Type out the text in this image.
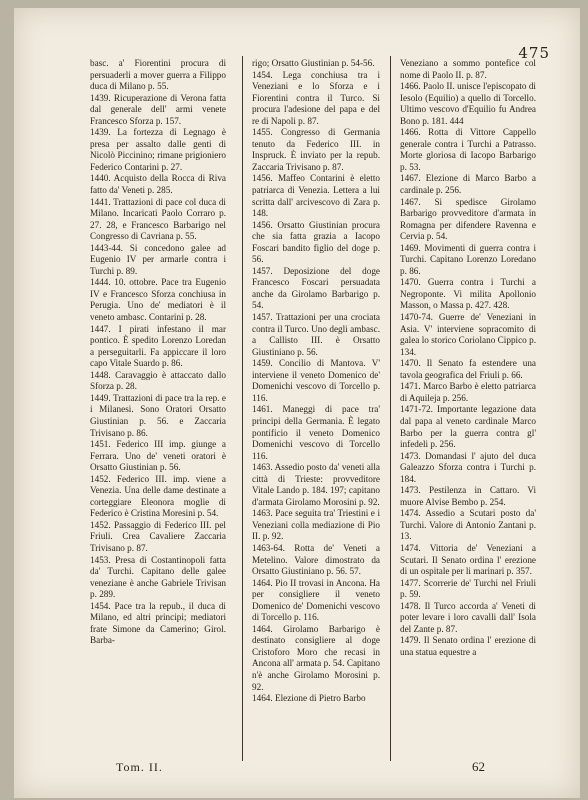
475

basc. a' Fiorentini procura di persuaderli a mover guerra a Filippo duca di Milano p. 55.

1439. Ricuperazione di Verona fatta dal generale dell' armi venete Francesco Sforza p. 157.

1439. La fortezza di Legnago è presa per assalto dalle genti di Nicolò Piccinino; rimane prigioniero Federico Contarini p. 27.

1440. Acquisto della Rocca di Riva fatto da' Veneti p. 285.

1441. Trattazioni di pace col duca di Milano. Incaricati Paolo Corraro p. 27. 28, e Francesco Barbarigo nel Congresso di Cavriana p. 55.

1443-44. Si concedono galee ad Eugenio IV per armarle contra i Turchi p. 89.

1444. 10. ottobre. Pace tra Eugenio IV e Francesco Sforza conchiusa in Perugia. Uno de' mediatori è il veneto ambasc. Contarini p. 28.

1447. I pirati infestano il mar pontico. È spedito Lorenzo Loredan a perseguitarli. Fa appiccare il loro capo Vitale Suardo p. 86.

1448. Caravaggio è attaccato dallo Sforza p. 28.

1449. Trattazioni di pace tra la rep. e i Milanesi. Sono Oratori Orsatto Giustinian p. 56. e Zaccaria Trivisano p. 86.

1451. Federico III imp. giunge a Ferrara. Uno de' veneti oratori è Orsatto Giustinian p. 56.

1452. Federico III. imp. viene a Venezia. Una delle dame destinate a corteggiare Eleonora moglie di Federico è Cristina Moresini p. 54.

1452. Passaggio di Federico III. pel Friuli. Crea Cavaliere Zaccaria Trivisano p. 87.

1453. Presa di Costantinopoli fatta da' Turchi. Capitano delle galee veneziane è anche Gabriele Trivisan p. 289.

1454. Pace tra la repub., il duca di Milano, ed altri principi; mediatori frate Simone da Camerino; Girol. Barba-

rigo; Orsatto Giustinian p. 54-56.

1454. Lega conchiusa tra i Veneziani e lo Sforza e i Fiorentini contra il Turco. Si procura l'adesione del papa e del re di Napoli p. 87.

1455. Congresso di Germania tenuto da Federico III. in Inspruck. È inviato per la repub. Zaccaria Trivisano p. 87.

1456. Maffeo Contarini è eletto patriarca di Venezia. Lettera a lui scritta dall' arcivescovo di Zara p. 148.

1456. Orsatto Giustinian procura che sia fatta grazia a Iacopo Foscari bandito figlio del doge p. 56.

1457. Deposizione del doge Francesco Foscari persuadata anche da Girolamo Barbarigo p. 54.

1457. Trattazioni per una crociata contra il Turco. Uno degli ambasc. a Callisto III. è Orsatto Giustiniano p. 56.

1459. Concilio di Mantova. V' interviene il veneto Domenico de' Domenichi vescovo di Torcello p. 116.

1461. Maneggi di pace tra' principi della Germania. È legato pontificio il veneto Domenico Domenichi vescovo di Torcello 116.

1463. Assedio posto da' veneti alla città di Trieste: provveditore Vitale Lando p. 184. 197; capitano d'armata Girolamo Morosini p. 92.

1463. Pace seguita tra' Triestini e i Veneziani colla mediazione di Pio II. p. 92.

1463-64. Rotta de' Veneti a Metelino. Valore dimostrato da Orsatto Giustiniano p. 56. 57.

1464. Pio II trovasi in Ancona. Ha per consigliere il veneto Domenico de' Domenichi vescovo di Torcello p. 116.

1464. Girolamo Barbarigo è destinato consigliere al doge Cristoforo Moro che recasi in Ancona all' armata p. 54. Capitano n'è anche Girolamo Morosini p. 92.

1464. Elezione di Pietro Barbo

Veneziano a sommo pontefice col nome di Paolo II. p. 87.

1466. Paolo II. unisce l'episcopato di Iesolo (Equilio) a quello di Torcello. Ultimo vescovo d'Equilio fu Andrea Bono p. 181. 444

1466. Rotta di Vittore Cappello generale contra i Turchi a Patrasso. Morte gloriosa di Iacopo Barbarigo p. 53.

1467. Elezione di Marco Barbo a cardinale p. 256.

1467. Si spedisce Girolamo Barbarigo provveditore d'armata in Romagna per difendere Ravenna e Cervia p. 54.

1469. Movimenti di guerra contra i Turchi. Capitano Lorenzo Loredano p. 86.

1470. Guerra contra i Turchi a Negroponte. Vi milita Apollonio Masson, o Massa p. 427. 428.

1470-74. Guerre de' Veneziani in Asia. V' interviene sopracomito di galea lo storico Coriolano Cippico p. 134.

1470. Il Senato fa estendere una tavola geografica del Friuli p. 66.

1471. Marco Barbo è eletto patriarca di Aquileja p. 256.

1471-72. Importante legazione data dal papa al veneto cardinale Marco Barbo per la guerra contra gl' infedeli p. 256.

1473. Domandasi l' ajuto del duca Galeazzo Sforza contra i Turchi p. 184.

1473. Pestilenza in Cattaro. Vi muore Alvise Bembo p. 254.

1474. Assedio a Scutari posto da' Turchi. Valore di Antonio Zantani p. 13.

1474. Vittoria de' Veneziani a Scutari. Il Senato ordina l' erezione di un ospitale per li marinari p. 357.

1477. Scorrerie de' Turchi nel Friuli p. 59.

1478. Il Turco accorda a' Veneti di poter levare i loro cavalli dall' Isola del Zante p. 87.

1479. Il Senato ordina l' erezione di una statua equestre a

Tom. II.	62
